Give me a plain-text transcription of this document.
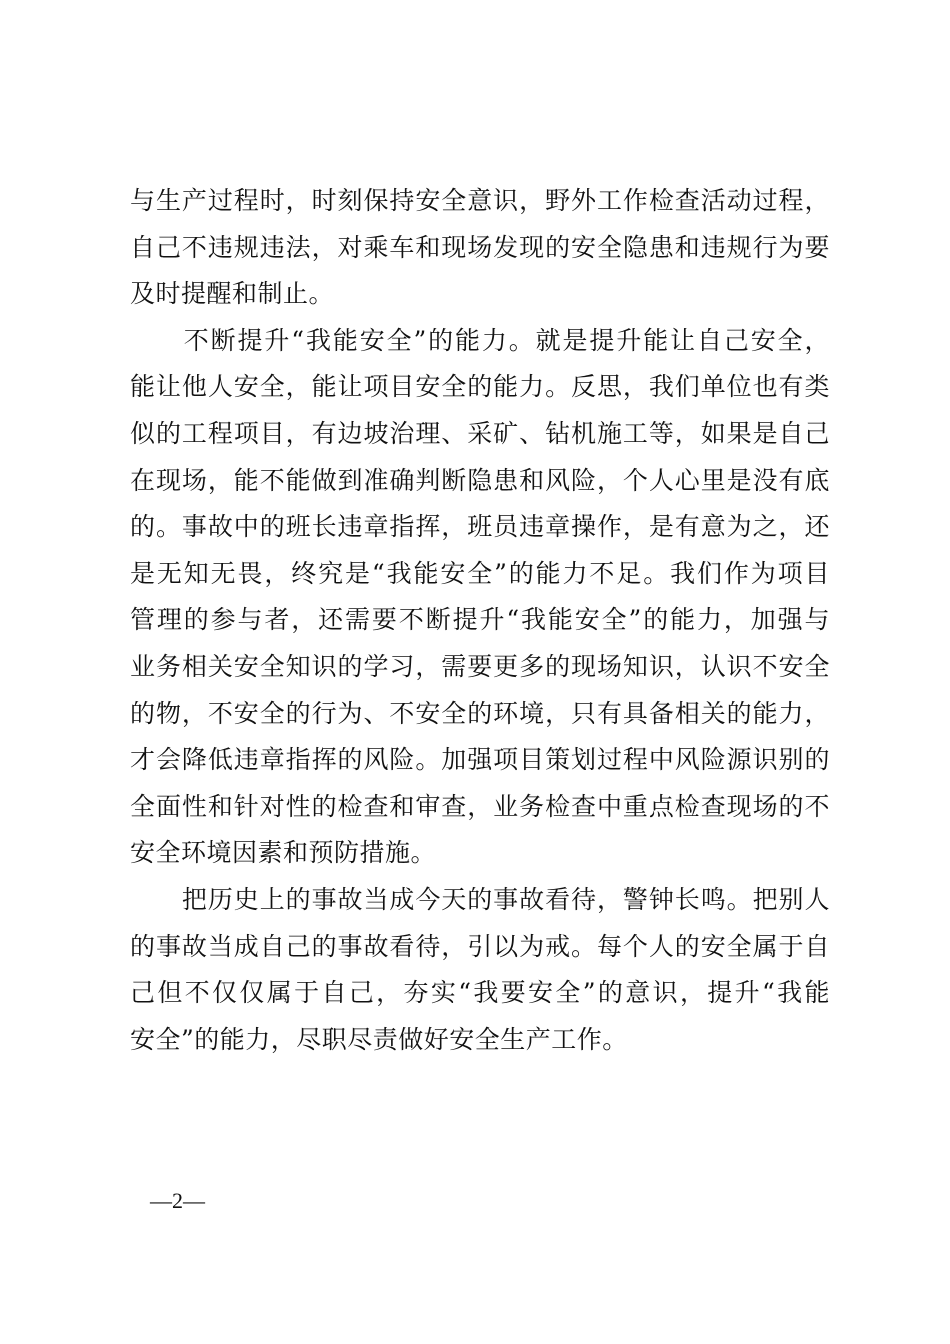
与生产过程时，时刻保持安全意识，野外工作检查活动过程，
自己不违规违法，对乘车和现场发现的安全隐患和违规行为要
及时提醒和制止。
　　不断提升“我能安全”的能力。就是提升能让自己安全，
能让他人安全，能让项目安全的能力。反思，我们单位也有类
似的工程项目，有边坡治理、采矿、钻机施工等，如果是自己
在现场，能不能做到准确判断隐患和风险，个人心里是没有底
的。事故中的班长违章指挥，班员违章操作，是有意为之，还
是无知无畏，终究是“我能安全”的能力不足。我们作为项目
管理的参与者，还需要不断提升“我能安全”的能力，加强与
业务相关安全知识的学习，需要更多的现场知识，认识不安全
的物，不安全的行为、不安全的环境，只有具备相关的能力，
才会降低违章指挥的风险。加强项目策划过程中风险源识别的
全面性和针对性的检查和审查，业务检查中重点检查现场的不
安全环境因素和预防措施。
　　把历史上的事故当成今天的事故看待，警钟长鸣。把别人
的事故当成自己的事故看待，引以为戒。每个人的安全属于自
己但不仅仅属于自己，夯实“我要安全”的意识，提升“我能
安全”的能力，尽职尽责做好安全生产工作。
—2—
